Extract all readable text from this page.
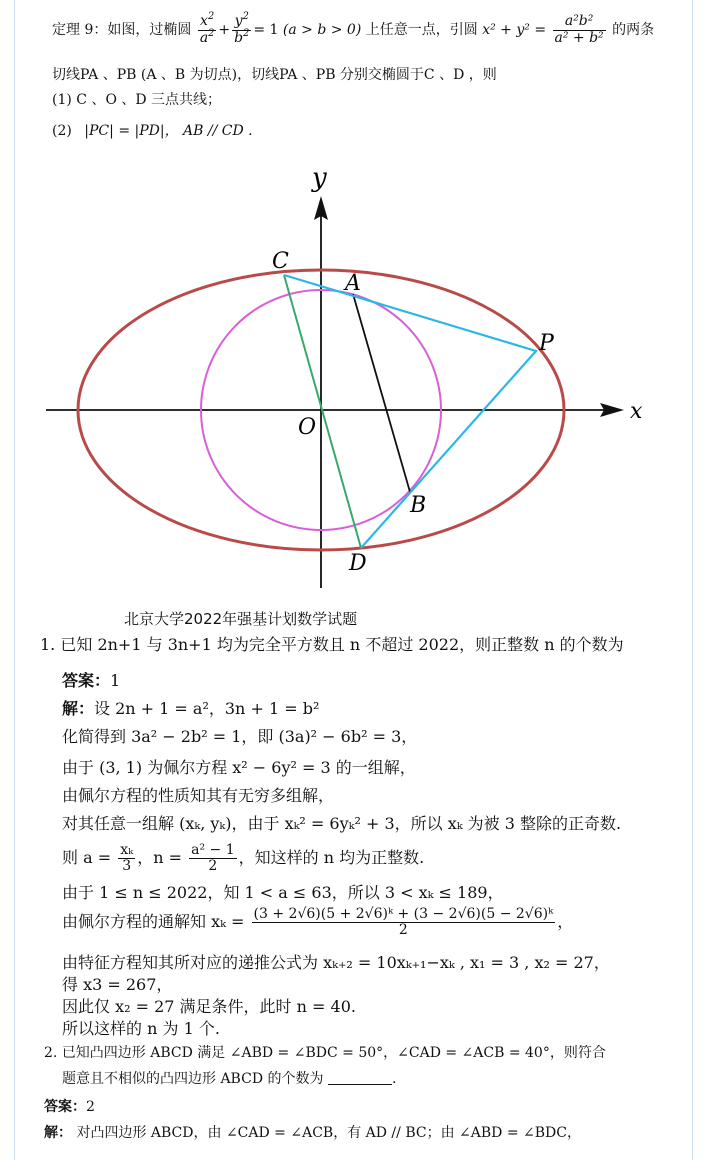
定理 9：如图，过椭圆 $\frac{x^2}{a^2} + \frac{y^2}{b^2} = 1$ (a > b > 0) 上任意一点，引圆 $x^2 + y^2 = \frac{\text{a²b²}}{\text{a² + b²}}$ 的两条
切线PA 、PB (A 、B 为切点)，切线PA 、PB 分别交椭圆于C 、D ，则
(1) C 、O 、D 三点共线；
(2) |PC| = |PD|， AB // CD .
y
x
O
C
A
P
B
D
北京大学2022年强基计划数学试题
1. 已知 2n+1 与 3n+1 均为完全平方数且 n 不超过 2022，则正整数 n 的个数为
答案：1
解：设 2n + 1 = a²，3n + 1 = b²
化简得到 3a² − 2b² = 1，即 (3a)² − 6b² = 3，
由于 (3, 1) 为佩尔方程 x² − 6y² = 3 的一组解，
由佩尔方程的性质知其有无穷多组解，
对其任意一组解 (xₖ, yₖ)，由于 xₖ² = 6yₖ² + 3，所以 xₖ 为被 3 整除的正奇数.
则 $a = \frac{\text{xₖ}}{3}$ ，$n = \frac{\text{a² − 1}}{2}$ ，知这样的 n 均为正整数.
由于 1 ≤ n ≤ 2022，知 1 < a ≤ 63，所以 3 < xₖ ≤ 189，
由佩尔方程的通解知 $x_k = \frac{\text{(3 + 2√6)(5 + 2√6)ᵏ + (3 − 2√6)(5 − 2√6)ᵏ}}{2}$ ，
由特征方程知其所对应的递推公式为 xₖ₊₂ = 10xₖ₊₁−xₖ , x₁ = 3 , x₂ = 27，
得 x3 = 267，
因此仅 x₂ = 27 满足条件，此时 n = 40.
所以这样的 n 为 1 个.
2. 已知凸四边形 ABCD 满足 ∠ABD = ∠BDC = 50°，∠CAD = ∠ACB = 40°，则符合
题意且不相似的凸四边形 ABCD 的个数为	.
答案：2
解： 对凸四边形 ABCD，由 ∠CAD = ∠ACB，有 AD // BC；由 ∠ABD = ∠BDC，
